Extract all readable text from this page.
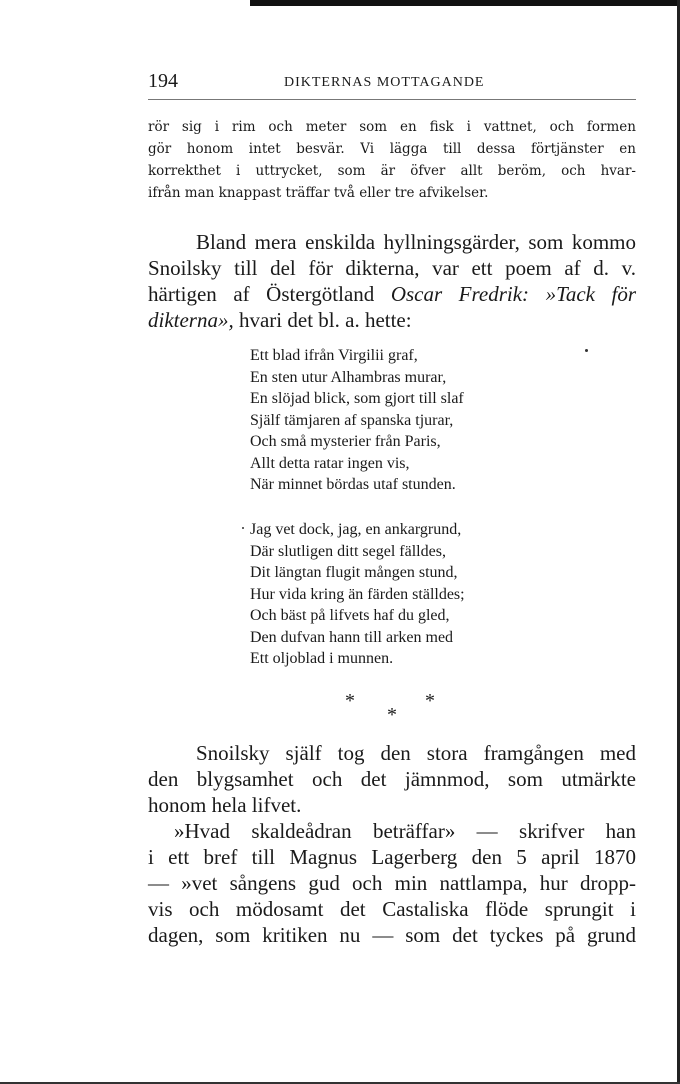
194	DIKTERNAS MOTTAGANDE
rör sig i rim och meter som en fisk i vattnet, och formen
gör honom intet besvär. Vi lägga till dessa förtjänster en
korrekthet i uttrycket, som är öfver allt beröm, och hvar-
ifrån man knappast träffar två eller tre afvikelser.
Bland mera enskilda hyllningsgärder, som kommo
Snoilsky till del för dikterna, var ett poem af d. v.
härtigen af Östergötland Oscar Fredrik: »Tack för
dikterna», hvari det bl. a. hette:
Ett blad ifrån Virgilii graf,
En sten utur Alhambras murar,
En slöjad blick, som gjort till slaf
Själf tämjaren af spanska tjurar,
Och små mysterier från Paris,
Allt detta ratar ingen vis,
När minnet bördas utaf stunden.
Jag vet dock, jag, en ankargrund,
Där slutligen ditt segel fälldes,
Dit längtan flugit mången stund,
Hur vida kring än färden ställdes;
Och bäst på lifvets haf du gled,
Den dufvan hann till arken med
Ett oljoblad i munnen.
*	*
*
Snoilsky själf tog den stora framgången med
den blygsamhet och det jämnmod, som utmärkte
honom hela lifvet.
»Hvad skaldeådran beträffar» — skrifver han
i ett bref till Magnus Lagerberg den 5 april 1870
— »vet sångens gud och min nattlampa, hur dropp-
vis och mödosamt det Castaliska flöde sprungit i
dagen, som kritiken nu — som det tyckes på grund
